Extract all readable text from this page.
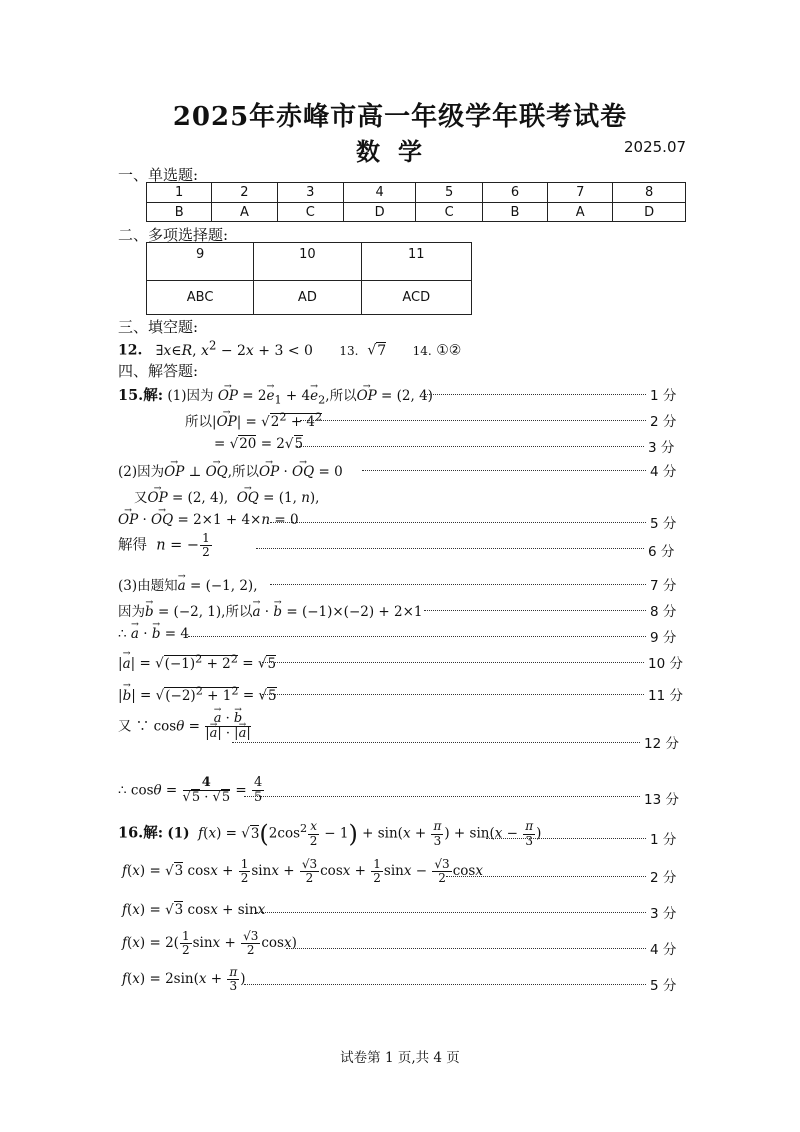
2025年赤峰市高一年级学年联考试卷
数学	2025.07
一、单选题:
1	2	3	4	5	6	7	8
B	A	C	D	C	B	A	D
二、多项选择题:
9	10	11
ABC	AD	ACD
三、填空题:
12.   ∃x∈R, $x^2 - 2x + 3 < 0$ 13.  √7 14. ①②
四、解答题:
15.解: (1)因为 → OP = $2\to e_1 + 4\to e_2$,所以→ OP = (2, 4)	1 分
所以|→ $OP| = √2^2 + 4^2$	2 分
= √20 = 2√5	3 分
(2)因为→ OP ⊥ → OQ,所以→ OP · → OQ = 0	4 分
又→ OP = (2, 4),  → OQ = (1, n),
→ OP · → OQ = 2×1 + 4×n = 0	5 分
解得 n = − $\frac{1}{2}$	6 分
(3)由题知→ a = (−1, 2),	7 分
因为→ b = (−2, 1),所以→ a · → b = (−1)×(−2) + 2×1	8 分
∴ → a · → b = 4	9 分
|→ $a| = √(-1)^2 + 2^2 = √5$	10 分
|→ $b| = √(-2)^2 + 1^2 = √5$	11 分
又 ∵ cosθ = → $\frac{a \cdot \to b}{|\to a| \cdot |\to a|}$
12 分
∴ $\cos\theta = \frac{4}{√5 \cdot √5} = \frac{4}{5}$	13 分
16.解: (1) $f(x) = √3(2\cos^2 \frac{x}{2} - 1) + \sin(x + \frac{\pi}{3}$ ) + $\sin(x - \frac{\pi}{3}$ )	1 分
f(x) = √3 $\cos x + \frac{1}{2}$ $\sin x + \frac{√3}{2}$ $\cos x + \frac{1}{2}$ $\sin x - \frac{√3}{2}$ cosx	2 分
f(x) = √3 cosx + sinx	3 分
$f(x) = 2( \frac{1}{2}$ $\sin x + \frac{√3}{2} \cos x$)	4 分
$f(x) = 2\sin(x + \frac{\pi}{3}$ )	5 分
试卷第 1 页,共 4 页
